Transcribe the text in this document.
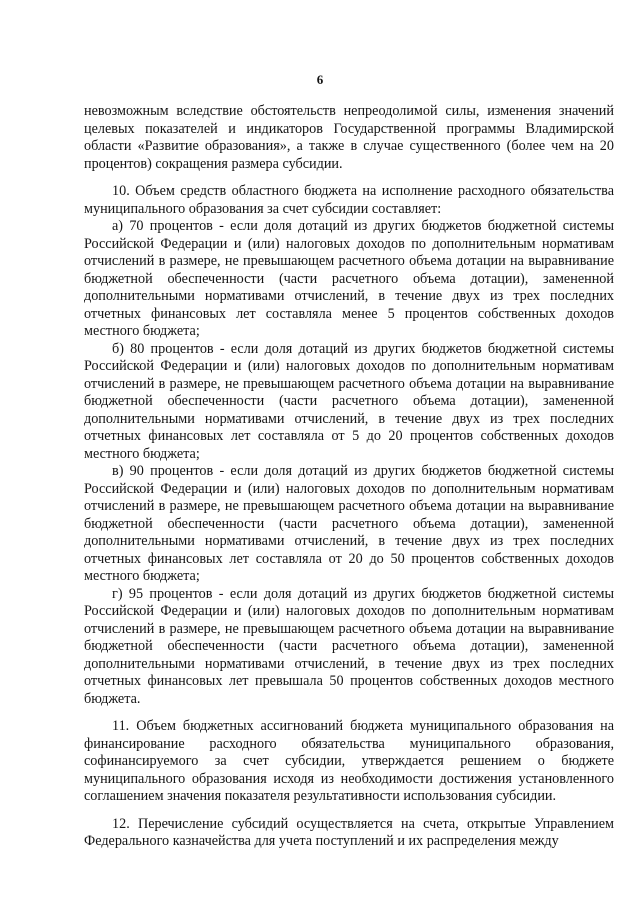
6

невозможным вследствие обстоятельств непреодолимой силы, изменения значений целевых показателей и индикаторов Государственной программы Владимирской области «Развитие образования», а также в случае существенного (более чем на 20 процентов) сокращения размера субсидии.

10. Объем средств областного бюджета на исполнение расходного обязательства муниципального образования за счет субсидии составляет:

а) 70 процентов - если доля дотаций из других бюджетов бюджетной системы Российской Федерации и (или) налоговых доходов по дополнительным нормативам отчислений в размере, не превышающем расчетного объема дотации на выравнивание бюджетной обеспеченности (части расчетного объема дотации), замененной дополнительными нормативами отчислений, в течение двух из трех последних отчетных финансовых лет составляла менее 5 процентов собственных доходов местного бюджета;

б) 80 процентов - если доля дотаций из других бюджетов бюджетной системы Российской Федерации и (или) налоговых доходов по дополнительным нормативам отчислений в размере, не превышающем расчетного объема дотации на выравнивание бюджетной обеспеченности (части расчетного объема дотации), замененной дополнительными нормативами отчислений, в течение двух из трех последних отчетных финансовых лет составляла от 5 до 20 процентов собственных доходов местного бюджета;

в) 90 процентов - если доля дотаций из других бюджетов бюджетной системы Российской Федерации и (или) налоговых доходов по дополнительным нормативам отчислений в размере, не превышающем расчетного объема дотации на выравнивание бюджетной обеспеченности (части расчетного объема дотации), замененной дополнительными нормативами отчислений, в течение двух из трех последних отчетных финансовых лет составляла от 20 до 50 процентов собственных доходов местного бюджета;

г) 95 процентов - если доля дотаций из других бюджетов бюджетной системы Российской Федерации и (или) налоговых доходов по дополнительным нормативам отчислений в размере, не превышающем расчетного объема дотации на выравнивание бюджетной обеспеченности (части расчетного объема дотации), замененной дополнительными нормативами отчислений, в течение двух из трех последних отчетных финансовых лет превышала 50 процентов собственных доходов местного бюджета.

11. Объем бюджетных ассигнований бюджета муниципального образования на финансирование расходного обязательства муниципального образования, софинансируемого за счет субсидии, утверждается решением о бюджете муниципального образования исходя из необходимости достижения установленного соглашением значения показателя результативности использования субсидии.

12. Перечисление субсидий осуществляется на счета, открытые Управлением Федерального казначейства для учета поступлений и их распределения между
